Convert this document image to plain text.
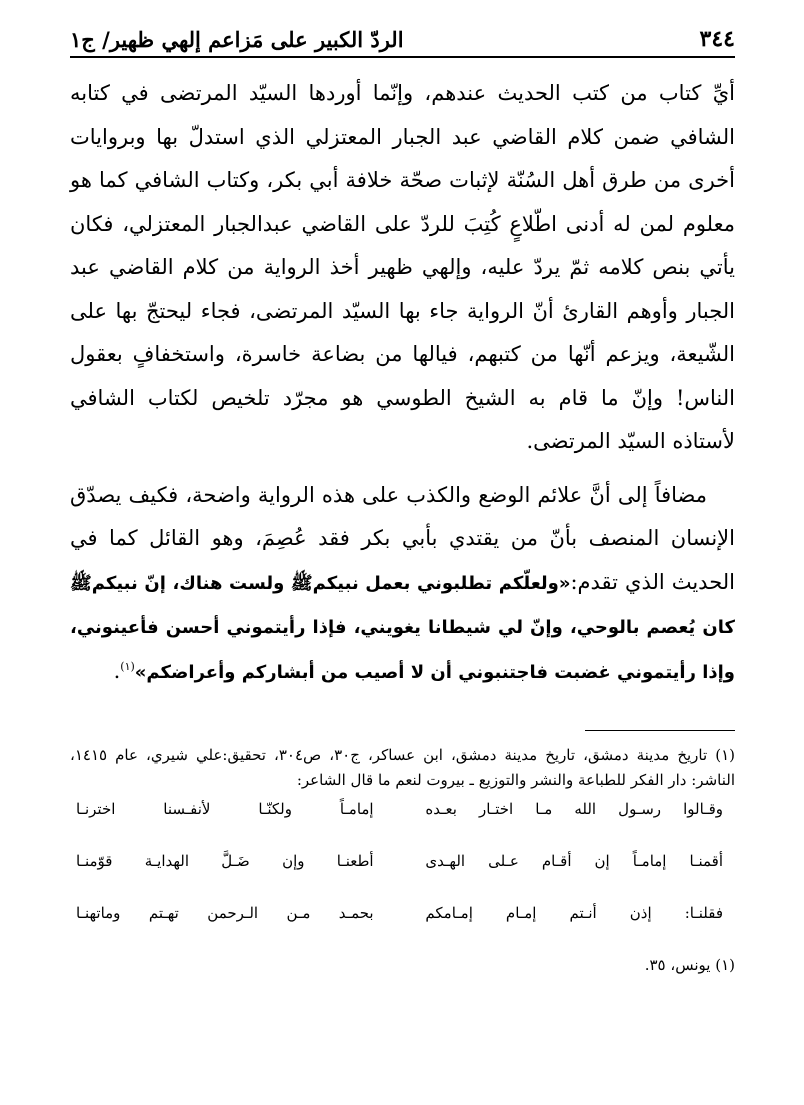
٣٤٤
الردّ الكبير على مَزاعم إلهي ظهير/ ج١

أيِّ كتاب من كتب الحديث عندهم، وإنّما أوردها السيّد المرتضى في كتابه الشافي ضمن كلام القاضي عبد الجبار المعتزلي الذي استدلّ بها وبروايات أخرى من طرق أهل السُنّة لإثبات صحّة خلافة أبي بكر، وكتاب الشافي كما هو معلوم لمن له أدنى اطّلاعٍ كُتِبَ للردّ على القاضي عبدالجبار المعتزلي، فكان يأتي بنص كلامه ثمّ يردّ عليه، وإلهي ظهير أخذ الرواية من كلام القاضي عبد الجبار وأوهم القارئ أنّ الرواية جاء بها السيّد المرتضى، فجاء ليحتجّ بها على الشّيعة، ويزعم أنّها من كتبهم، فيالها من بضاعة خاسرة، واستخفافٍ بعقول الناس! وإنّ ما قام به الشيخ الطوسي هو مجرّد تلخيص لكتاب الشافي لأستاذه السيّد المرتضى.

مضافاً إلى أنَّ علائم الوضع والكذب على هذه الرواية واضحة، فكيف يصدّق الإنسان المنصف بأنّ من يقتدي بأبي بكر فقد عُصِمَ، وهو القائل كما في الحديث الذي تقدم:«ولعلّكم تطلبوني بعمل نبيكمﷺ ولست هناك، إنّ نبيكمﷺ كان يُعصم بالوحي، وإنّ لي شيطانا يغويني، فإذا رأيتموني أحسن فأعينوني، وإذا رأيتموني غضبت فاجتنبوني أن لا أصيب من أبشاركم وأعراضكم»$^{(١)}$.

(١) تاريخ مدينة دمشق، تاريخ مدينة دمشق، ابن عساكر، ج٣٠، ص٣٠٤، تحقيق:علي شيري، عام ١٤١٥، الناشر: دار الفكر للطباعة والنشر والتوزيع ـ بيروت لنعم ما قال الشاعر:

وقـالوا رسـول الله مـا اختـار بعـده
إمامـاً ولكنّـا لأنفـسنا اخترنـا
أقمنـا إمامـاً إن أقـام عـلى الهـدى
أطعنـا وإن ضَـلَّ الهدايـة قوّمنـا
فقلنـا: إذن أنـتم إمـام إمـامكم
بحمـد مـن الـرحمن تهـتم وماتهنـا

(١) يونس، ٣٥.
